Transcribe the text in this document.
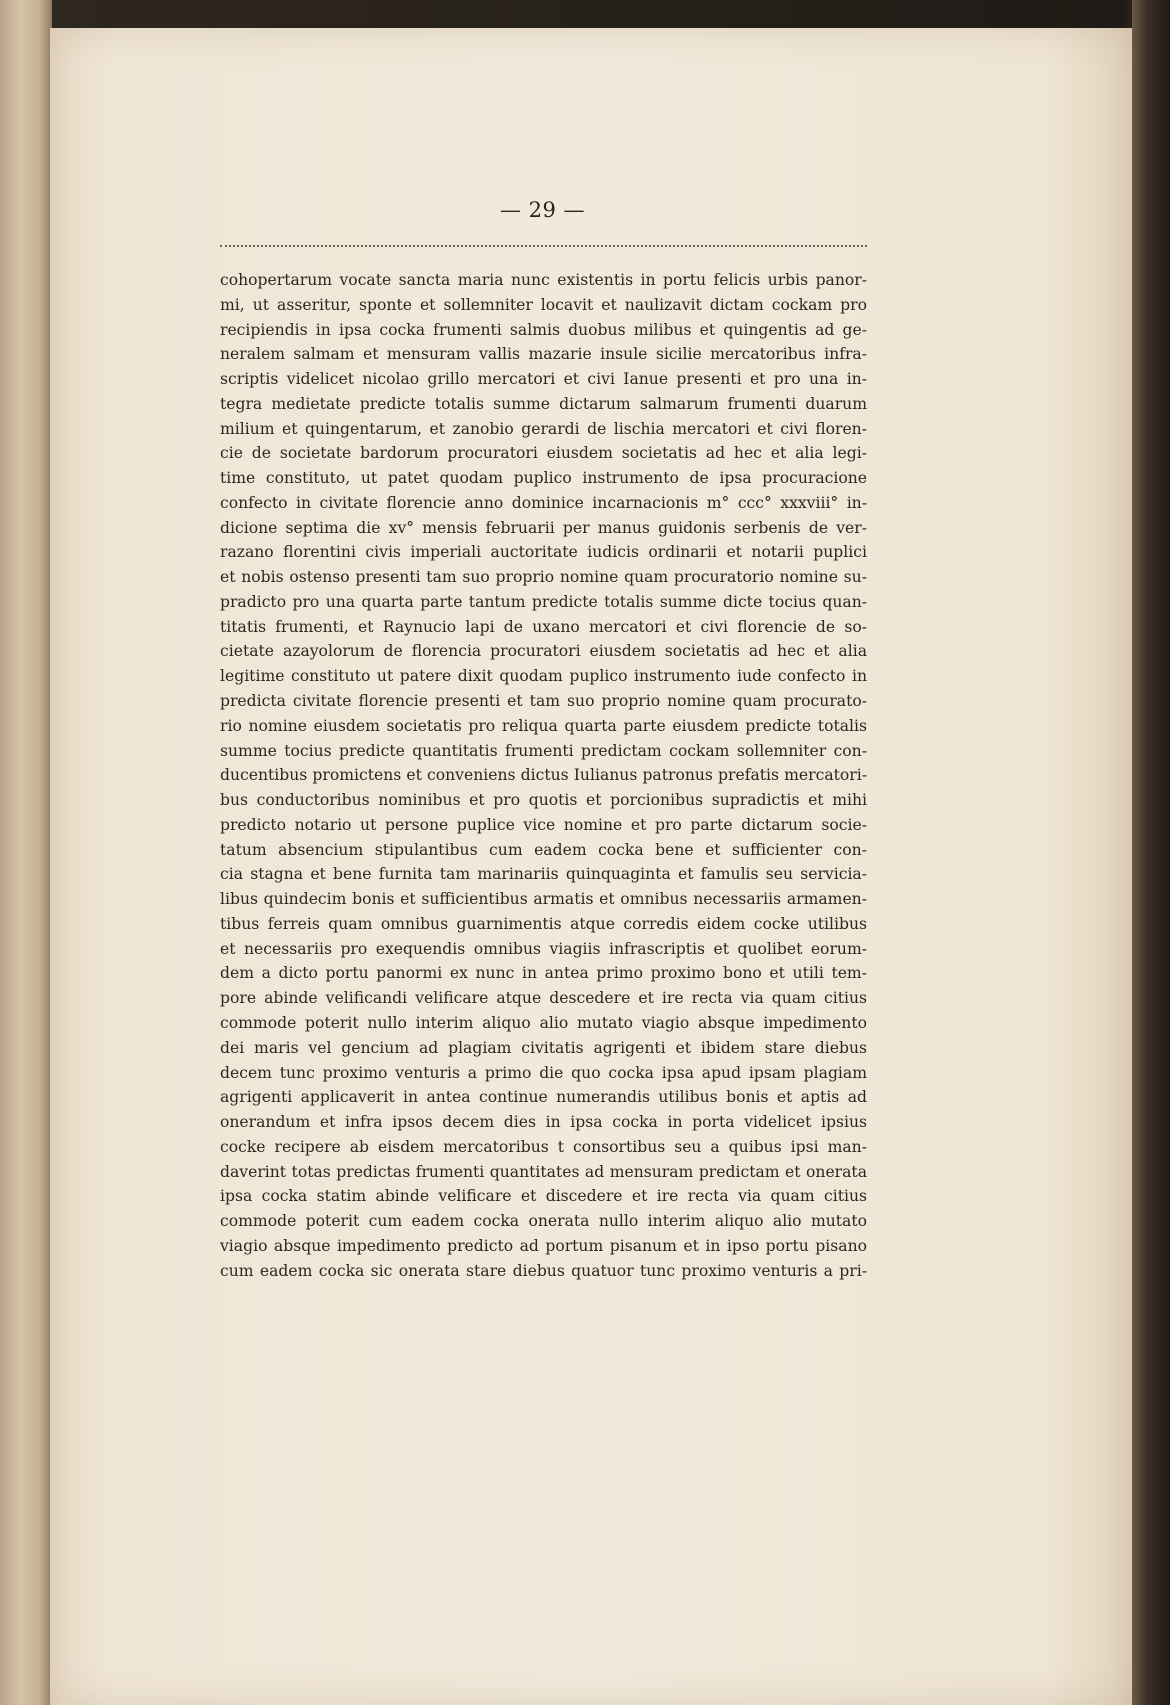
— 29 —
cohopertarum vocate sancta maria nunc existentis in portu felicis urbis panor-
mi, ut asseritur, sponte et sollemniter locavit et naulizavit dictam cockam pro
recipiendis in ipsa cocka frumenti salmis duobus milibus et quingentis ad ge-
neralem salmam et mensuram vallis mazarie insule sicilie mercatoribus infra-
scriptis videlicet nicolao grillo mercatori et civi Ianue presenti et pro una in-
tegra medietate predicte totalis summe dictarum salmarum frumenti duarum
milium et quingentarum, et zanobio gerardi de lischia mercatori et civi floren-
cie de societate bardorum procuratori eiusdem societatis ad hec et alia legi-
time constituto, ut patet quodam puplico instrumento de ipsa procuracione
confecto in civitate florencie anno dominice incarnacionis m° ccc° xxxviii° in-
dicione septima die xv° mensis februarii per manus guidonis serbenis de ver-
razano florentini civis imperiali auctoritate iudicis ordinarii et notarii puplici
et nobis ostenso presenti tam suo proprio nomine quam procuratorio nomine su-
pradicto pro una quarta parte tantum predicte totalis summe dicte tocius quan-
titatis frumenti, et Raynucio lapi de uxano mercatori et civi florencie de so-
cietate azayolorum de florencia procuratori eiusdem societatis ad hec et alia
legitime constituto ut patere dixit quodam puplico instrumento iude confecto in
predicta civitate florencie presenti et tam suo proprio nomine quam procurato-
rio nomine eiusdem societatis pro reliqua quarta parte eiusdem predicte totalis
summe tocius predicte quantitatis frumenti predictam cockam sollemniter con-
ducentibus promictens et conveniens dictus Iulianus patronus prefatis mercatori-
bus conductoribus nominibus et pro quotis et porcionibus supradictis et mihi
predicto notario ut persone puplice vice nomine et pro parte dictarum socie-
tatum absencium stipulantibus cum eadem cocka bene et sufficienter con-
cia stagna et bene furnita tam marinariis quinquaginta et famulis seu servicia-
libus quindecim bonis et sufficientibus armatis et omnibus necessariis armamen-
tibus ferreis quam omnibus guarnimentis atque corredis eidem cocke utilibus
et necessariis pro exequendis omnibus viagiis infrascriptis et quolibet eorum-
dem a dicto portu panormi ex nunc in antea primo proximo bono et utili tem-
pore abinde velificandi velificare atque descedere et ire recta via quam citius
commode poterit nullo interim aliquo alio mutato viagio absque impedimento
dei maris vel gencium ad plagiam civitatis agrigenti et ibidem stare diebus
decem tunc proximo venturis a primo die quo cocka ipsa apud ipsam plagiam
agrigenti applicaverit in antea continue numerandis utilibus bonis et aptis ad
onerandum et infra ipsos decem dies in ipsa cocka in porta videlicet ipsius
cocke recipere ab eisdem mercatoribus t consortibus seu a quibus ipsi man-
daverint totas predictas frumenti quantitates ad mensuram predictam et onerata
ipsa cocka statim abinde velificare et discedere et ire recta via quam citius
commode poterit cum eadem cocka onerata nullo interim aliquo alio mutato
viagio absque impedimento predicto ad portum pisanum et in ipso portu pisano
cum eadem cocka sic onerata stare diebus quatuor tunc proximo venturis a pri-
